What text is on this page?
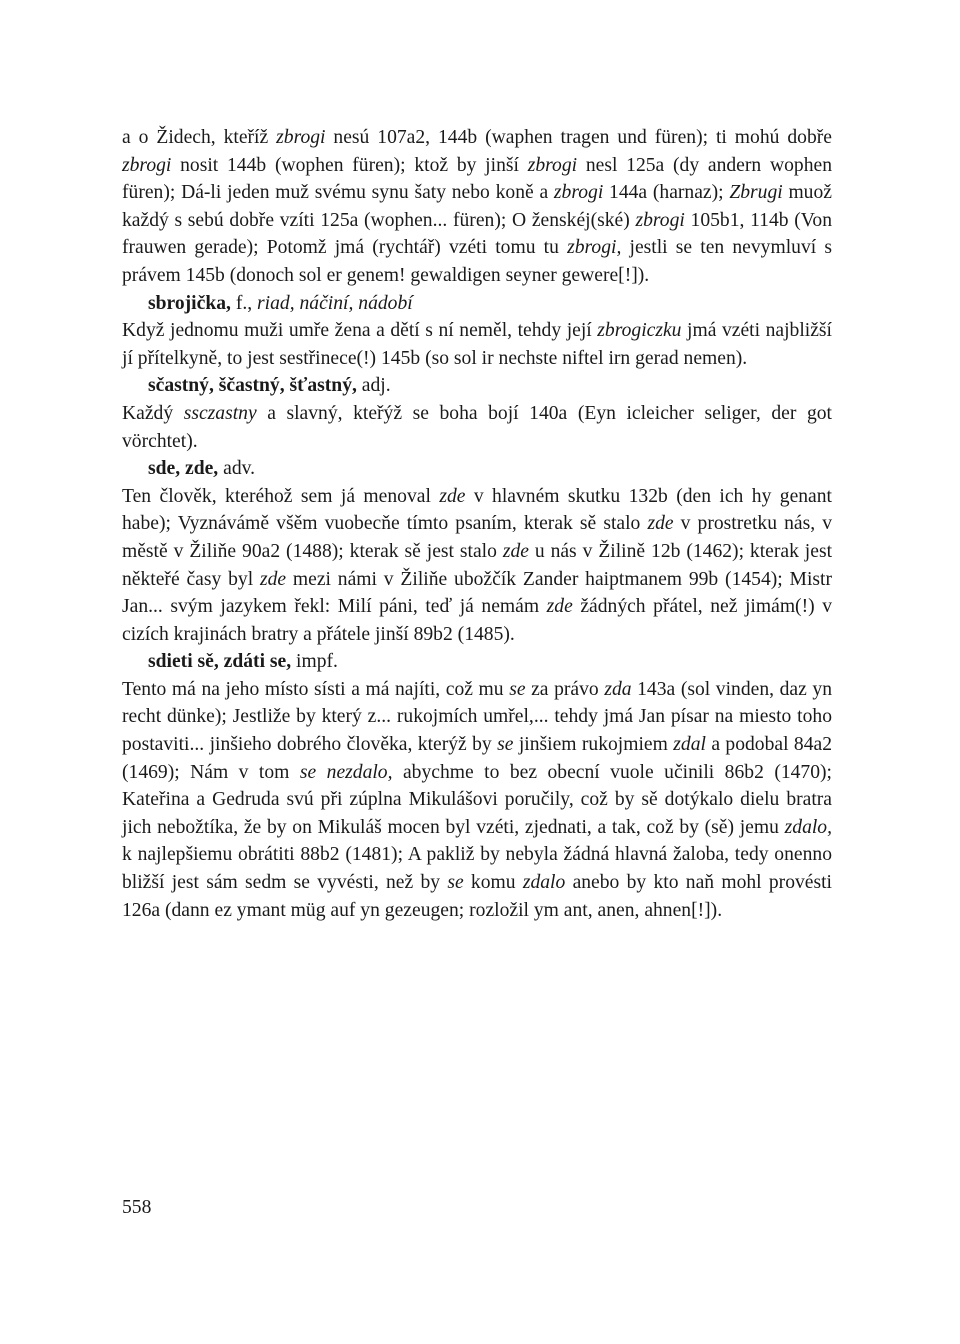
a o Židech, kteříž zbrogi nesú 107a2, 144b (waphen tragen und füren); ti mohú dobře zbrogi nosit 144b (wophen füren); ktož by jinší zbrogi nesl 125a (dy andern wophen füren); Dá-li jeden muž svému synu šaty nebo koně a zbrogi 144a (harnaz); Zbrugi muož každý s sebú dobře vzíti 125a (wophen... füren); O ženskéj(ské) zbrogi 105b1, 114b (Von frauwen gerade); Potomž jmá (rychtář) vzéti tomu tu zbrogi, jestli se ten nevymluví s právem 145b (donoch sol er genem! gewaldigen seyner gewere[!]).

sbrojička, f., riad, náčiní, nádobí

Když jednomu muži umře žena a dětí s ní neměl, tehdy její zbrogiczku jmá vzéti najbližší jí přítelkyně, to jest sestřinece(!) 145b (so sol ir nechste niftel irn gerad nemen).

sčastný, ščastný, šťastný, adj.

Každý ssczastny a slavný, kteřýž se boha bojí 140a (Eyn icleicher seliger, der got vörchtet).

sde, zde, adv.

Ten člověk, kteréhož sem já menoval zde v hlavném skutku 132b (den ich hy genant habe); Vyznávámě všěm vuobecňe tímto psaním, kterak sě stalo zde v prostretku nás, v městě v Žiliňe 90a2 (1488); kterak sě jest stalo zde u nás v Žilině 12b (1462); kterak jest někteřé časy byl zde mezi námi v Žiliňe ubožčík Zander haiptmanem 99b (1454); Mistr Jan... svým jazykem řekl: Milí páni, teď já nemám zde žádných přátel, než jimám(!) v cizích krajinách bratry a přátele jinší 89b2 (1485).

sdieti sě, zdáti se, impf.

Tento má na jeho místo sísti a má najíti, což mu se za právo zda 143a (sol vinden, daz yn recht dünke); Jestliže by který z... rukojmích umřel,... tehdy jmá Jan písar na miesto toho postaviti... jinšieho dobrého člověka, kterýž by se jinšiem rukojmiem zdal a podobal 84a2 (1469); Nám v tom se nezdalo, abychme to bez obecní vuole učinili 86b2 (1470); Kateřina a Gedruda svú při zúplna Mikulášovi poručily, což by sě dotýkalo dielu bratra jich nebožtíka, že by on Mikuláš mocen byl vzéti, zjednati, a tak, což by (sě) jemu zdalo, k najlepšiemu obrátiti 88b2 (1481); A pakliž by nebyla žádná hlavná žaloba, tedy onenno bližší jest sám sedm se vyvésti, než by se komu zdalo anebo by kto naň mohl provésti 126a (dann ez ymant müg auf yn gezeugen; rozložil ym ant, anen, ahnen[!]).

558
